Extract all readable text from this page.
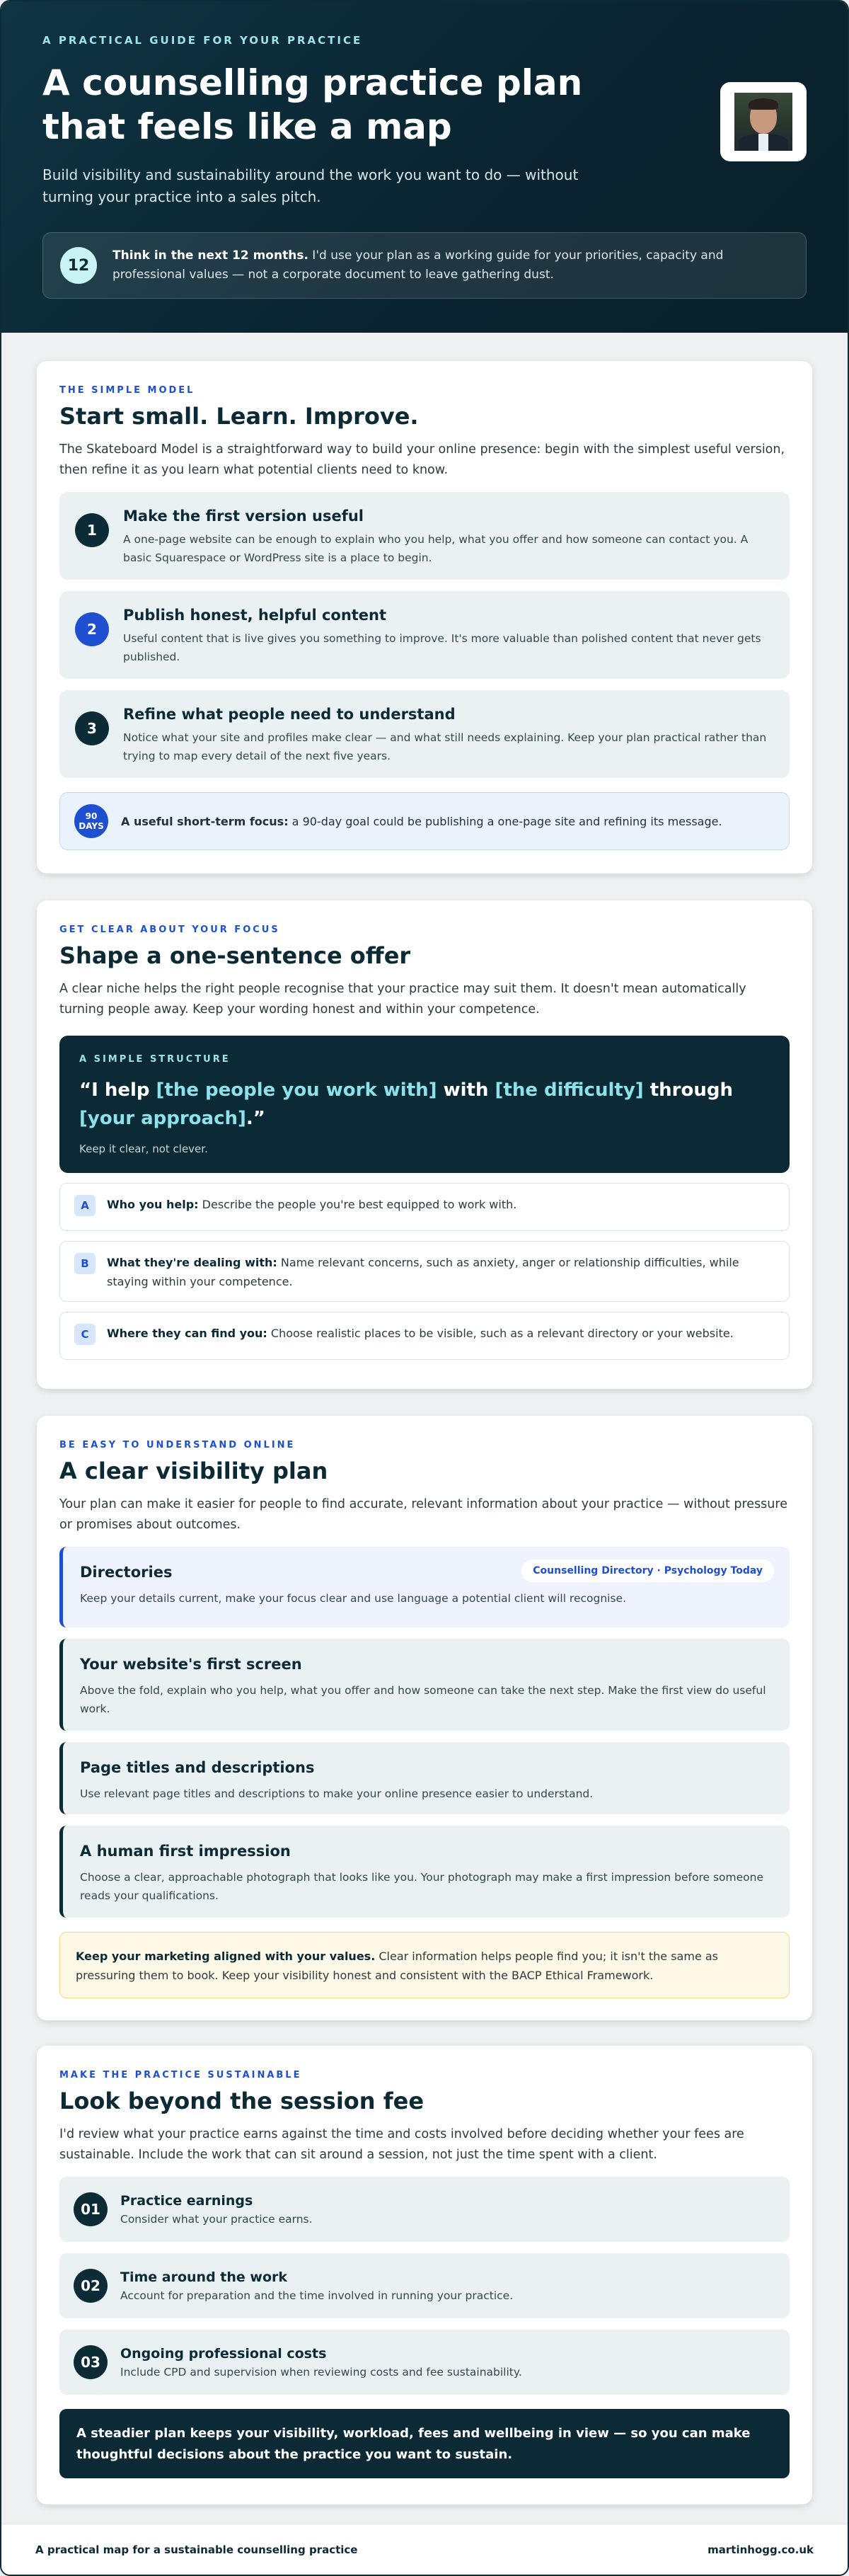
A PRACTICAL GUIDE FOR YOUR PRACTICE
A counselling practice plan that feels like a map

Build visibility and sustainability around the work you want to do — without turning your practice into a sales pitch.

12
Think in the next 12 months. I'd use your plan as a working guide for your priorities, capacity and professional values — not a corporate document to leave gathering dust.
THE SIMPLE MODEL
Start small. Learn. Improve.

The Skateboard Model is a straightforward way to build your online presence: begin with the simplest useful version, then refine it as you learn what potential clients need to know.

1
Make the first version useful

A one-page website can be enough to explain who you help, what you offer and how someone can contact you. A basic Squarespace or WordPress site is a place to begin.

2
Publish honest, helpful content

Useful content that is live gives you something to improve. It's more valuable than polished content that never gets published.

3
Refine what people need to understand

Notice what your site and profiles make clear — and what still needs explaining. Keep your plan practical rather than trying to map every detail of the next five years.

90
DAYS A useful short-term focus: a 90-day goal could be publishing a one-page site and refining its message.
GET CLEAR ABOUT YOUR FOCUS
Shape a one-sentence offer

A clear niche helps the right people recognise that your practice may suit them. It doesn't mean automatically turning people away. Keep your wording honest and within your competence.

A SIMPLE STRUCTURE
“I help [the people you work with] with [the difficulty] through [your approach].”
Keep it clear, not clever.
A	Who you help: Describe the people you're best equipped to work with.
B	What they're dealing with: Name relevant concerns, such as anxiety, anger or relationship difficulties, while staying within your competence.
C	Where they can find you: Choose realistic places to be visible, such as a relevant directory or your website.
BE EASY TO UNDERSTAND ONLINE
A clear visibility plan

Your plan can make it easier for people to find accurate, relevant information about your practice — without pressure or promises about outcomes.

Directories	Counselling Directory · Psychology Today

Keep your details current, make your focus clear and use language a potential client will recognise.

Your website's first screen

Above the fold, explain who you help, what you offer and how someone can take the next step. Make the first view do useful work.

Page titles and descriptions

Use relevant page titles and descriptions to make your online presence easier to understand.

A human first impression

Choose a clear, approachable photograph that looks like you. Your photograph may make a first impression before someone reads your qualifications.

Keep your marketing aligned with your values. Clear information helps people find you; it isn't the same as pressuring them to book. Keep your visibility honest and consistent with the BACP Ethical Framework.
MAKE THE PRACTICE SUSTAINABLE
Look beyond the session fee

I'd review what your practice earns against the time and costs involved before deciding whether your fees are sustainable. Include the work that can sit around a session, not just the time spent with a client.

01	Practice earnings

Consider what your practice earns.

02	Time around the work

Account for preparation and the time involved in running your practice.

03	Ongoing professional costs

Include CPD and supervision when reviewing costs and fee sustainability.

A steadier plan keeps your visibility, workload, fees and wellbeing in view — so you can make thoughtful decisions about the practice you want to sustain.
A practical map for a sustainable counselling practice	martinhogg.co.uk
